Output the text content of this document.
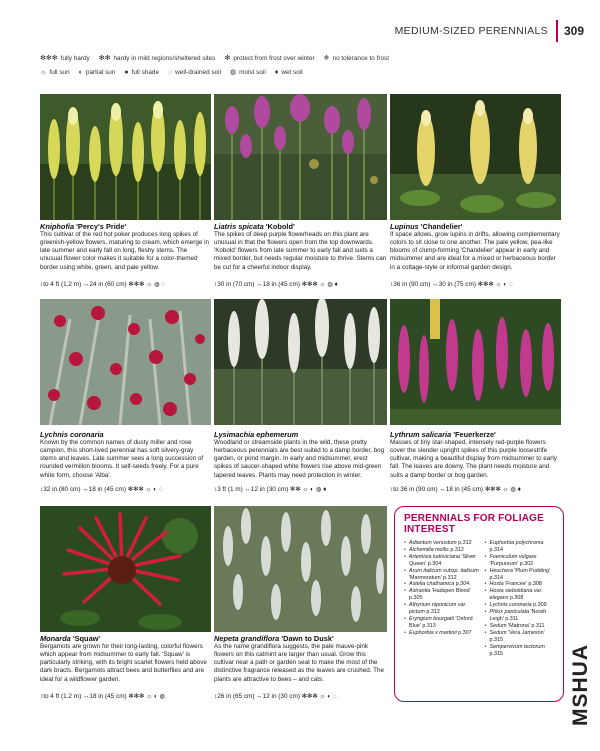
MEDIUM-SIZED PERENNIALS 309
✻✻✻ fully hardy ✻✻ hardy in mild regions/sheltered sites ✻ protect from frost over winter ❄ no tolerance to frost
☼ full sun ◐ partial sun ● full shade ◌ well-drained soil ◍ moist soil ♦ wet soil
Kniphofia 'Percy's Pride'
This cultivar of the red hot poker produces long spikes of greenish-yellow flowers, maturing to cream, which emerge in late summer and early fall on long, fleshy stems. The unusual flower color makes it suitable for a color-themed border using white, green, and pale yellow.
↕to 4 ft (1.2 m) ↔24 in (60 cm) ✻✻✻ ☼ ◍ ◌
Liatris spicata 'Kobold'
The spikes of deep purple flowerheads on this plant are unusual in that the flowers open from the top downwards. 'Kobold' flowers from late summer to early fall and suits a mixed border, but needs regular moisture to thrive. Stems can be cut for a cheerful indoor display.
↕30 in (70 cm) ↔18 in (45 cm) ✻✻✻ ☼ ◍ ♦
Lupinus 'Chandelier'
If space allows, grow lupins in drifts, allowing complementary colors to sit close to one another. The pale yellow, pea-like blooms of clump-forming 'Chandelier' appear in early and midsummer and are ideal for a mixed or herbaceous border in a cottage-style or informal garden design.
↕36 in (90 cm) ↔30 in (75 cm) ✻✻✻ ☼ ◐ ◌
Lychnis coronaria
Known by the common names of dusty miller and rose campion, this short-lived perennial has soft silvery-gray stems and leaves. Late summer sees a long succession of rounded vermilion blooms. It self-seeds freely. For a pure white form, choose 'Alba'.
↕32 in (80 cm) ↔18 in (45 cm) ✻✻✻ ☼ ◐ ◌
Lysimachia ephemerum
Woodland or streamside plants in the wild, these pretty herbaceous perennials are best suited to a damp border, bog garden, or pond margin. In early and midsummer, erect spikes of saucer-shaped white flowers rise above mid-green tapered leaves. Plants may need protection in winter.
↕3 ft (1 m) ↔12 in (30 cm) ✻✻ ☼ ◐ ◍ ♦
Lythrum salicaria 'Feuerkerze'
Masses of tiny star-shaped, intensely red-purple flowers cover the slender upright spikes of this purple loosestrife cultivar, making a beautiful display from midsummer to early fall. The leaves are downy. The plant needs moisture and suits a damp border or bog garden.
↕to 36 in (90 cm) ↔18 in (45 cm) ✻✻✻ ☼ ◍ ♦
Monarda 'Squaw'
Bergamots are grown for their long-lasting, colorful flowers which appear from midsummer to early fall. 'Squaw' is particularly striking, with its bright scarlet flowers held above dark bracts. Bergamots attract bees and butterflies and are ideal for a wildflower garden.
↕to 4 ft (1.2 m) ↔18 in (45 cm) ✻✻✻ ☼ ◐ ◍
Nepeta grandiflora 'Dawn to Dusk'
As the name grandiflora suggests, the pale mauve-pink flowers on this catmint are larger than usual. Grow this cultivar near a path or garden seat to make the most of the distinctive fragrance released as the leaves are crushed. The plants are attractive to bees – and cats.
↕26 in (65 cm) ↔12 in (30 cm) ✻✻✻ ☼ ◐ ◌
PERENNIALS FOR FOLIAGE INTEREST
• Adiantum venustum p.312
• Alchemilla mollis p.312
• Artemisia ludoviciana 'Silver Queen' p.304
• Arum italicum subsp. italicum 'Marmoratum' p.312
• Astelia chathamica p.304
• Astrantia 'Hadspen Blood' p.305
• Athyrium niponicum var. pictum p.312
• Eryngium bourgatii 'Oxford Blue' p.313
• Euphorbia x martinii p.307
• Euphorbia polychroma p.314
• Foeniculum vulgare 'Purpureum' p.302
• Heuchera 'Plum Pudding' p.314
• Hosta 'Francee' p.308
• Hosta sieboldiana var. elegans p.308
• Lychnis coronaria p.309
• Phlox paniculata 'Norah Leigh' p.311
• Sedum 'Matrona' p.311
• Sedum 'Vera Jameson' p.315
• Sempervivum tectorum p.315	MSHUA
